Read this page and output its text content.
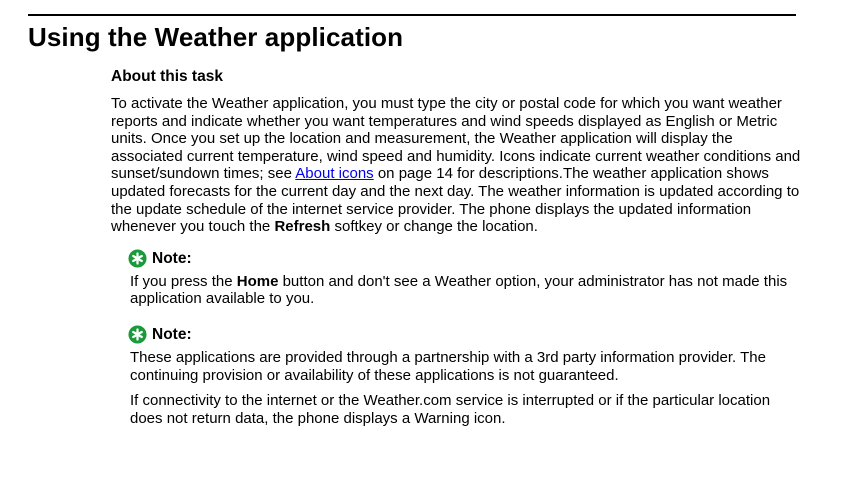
Using the Weather application
About this task

To activate the Weather application, you must type the city or postal code for which you want weather reports and indicate whether you want temperatures and wind speeds displayed as English or Metric units. Once you set up the location and measurement, the Weather application will display the associated current temperature, wind speed and humidity. Icons indicate current weather conditions and sunset/sundown times; see About icons on page 14 for descriptions.The weather application shows updated forecasts for the current day and the next day. The weather information is updated according to the update schedule of the internet service provider. The phone displays the updated information whenever you touch the Refresh softkey or change the location.

Note:

If you press the Home button and don't see a Weather option, your administrator has not made this application available to you.

Note:

These applications are provided through a partnership with a 3rd party information provider. The continuing provision or availability of these applications is not guaranteed.

If connectivity to the internet or the Weather.com service is interrupted or if the particular location does not return data, the phone displays a Warning icon.
